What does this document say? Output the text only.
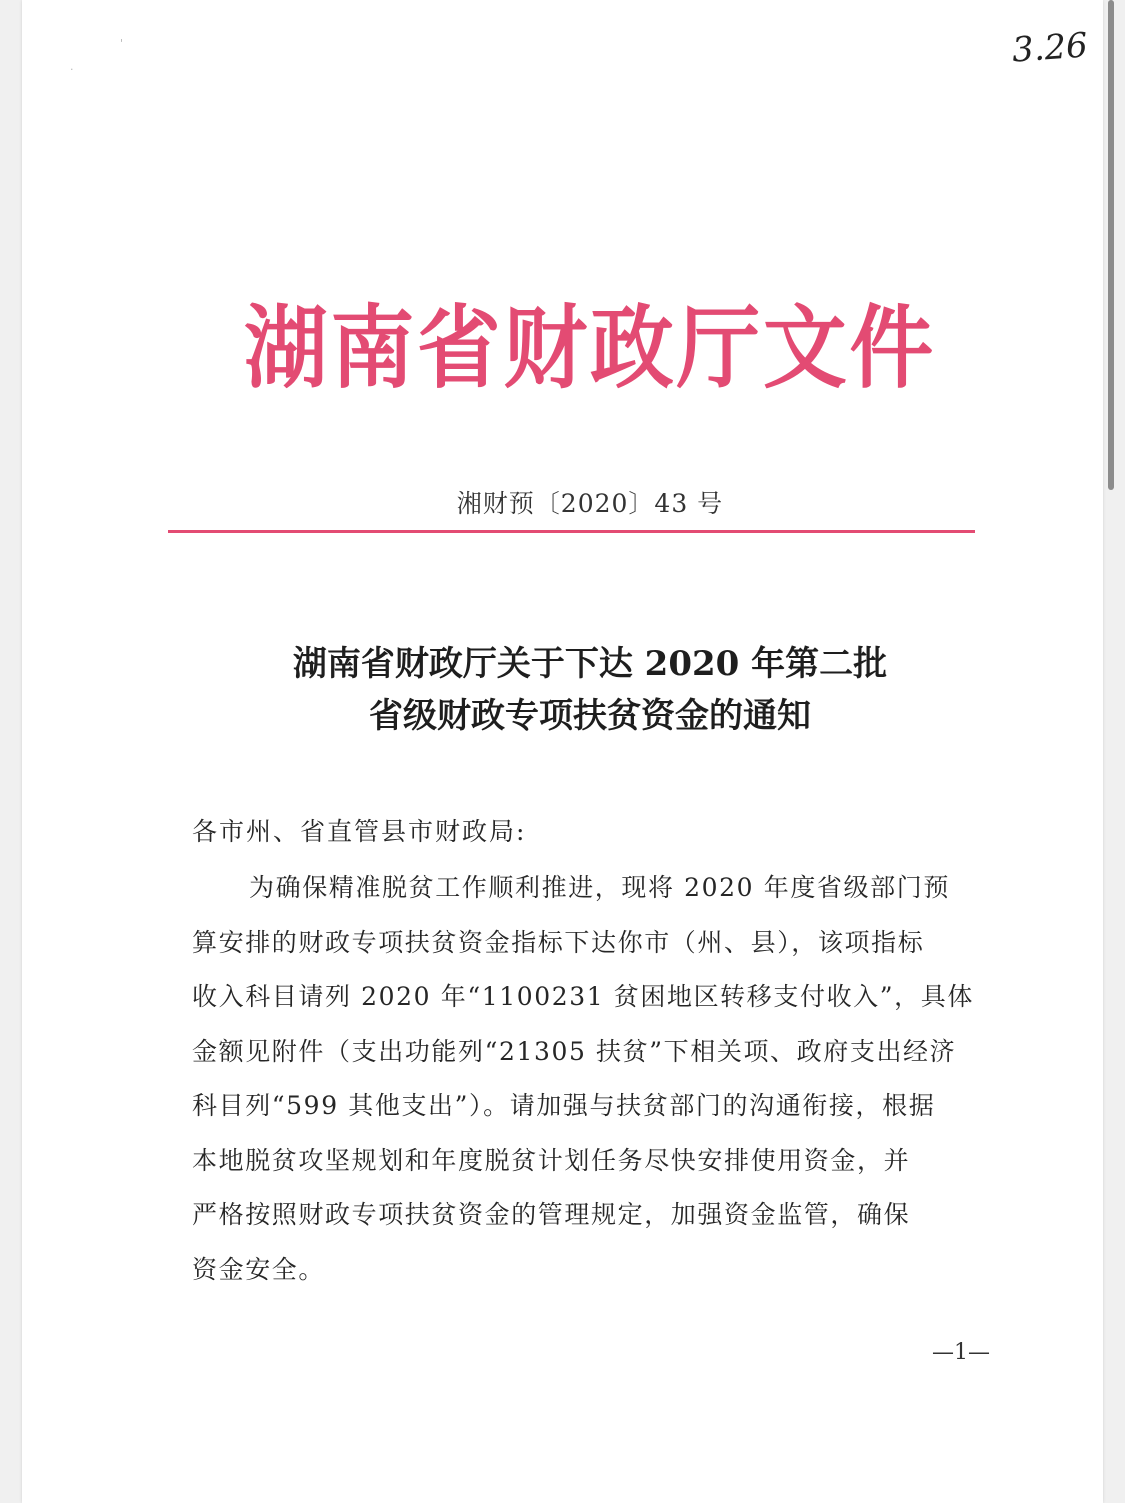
'
·	3.26
湖南省财政厅文件
湘财预〔2020〕43 号
湖南省财政厅关于下达 2020 年第二批
省级财政专项扶贫资金的通知
各市州、省直管县市财政局:
为确保精准脱贫工作顺利推进，现将 2020 年度省级部门预
算安排的财政专项扶贫资金指标下达你市（州、县），该项指标
收入科目请列 2020 年“1100231 贫困地区转移支付收入”，具体
金额见附件（支出功能列“21305 扶贫”下相关项、政府支出经济
科目列“599 其他支出”）。请加强与扶贫部门的沟通衔接，根据
本地脱贫攻坚规划和年度脱贫计划任务尽快安排使用资金，并
严格按照财政专项扶贫资金的管理规定，加强资金监管，确保
资金安全。
—1—
